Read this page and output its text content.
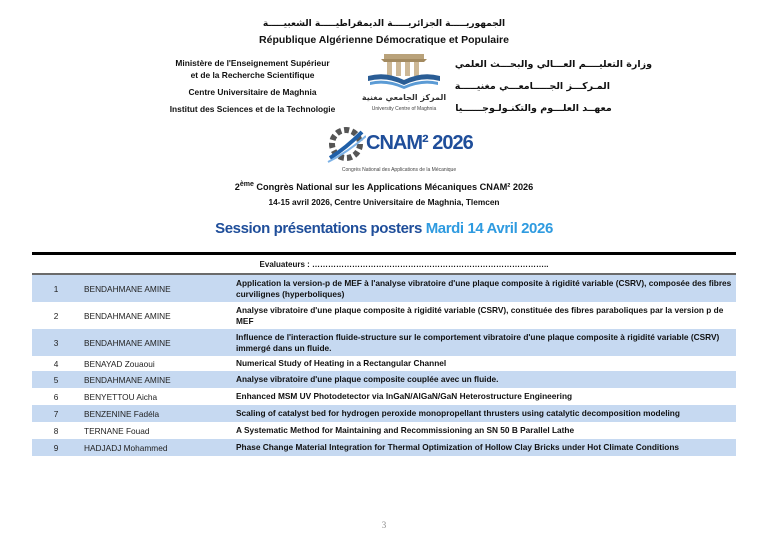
الجمهوريـــــة الجزائريـــــة الديمقراطيـــــة الشعبيـــــة
République Algérienne Démocratique et Populaire
Ministère de l'Enseignement Supérieur
et de la Recherche Scientifique
Centre Universitaire de Maghnia
Institut des Sciences et de la Technologie
وزارة التعليــــم العـــالي والبحـــث العلمي
المـركـــز الجـــــامعـــي مغنيـــــة
معهــد العلـــوم والتكنـولـوجــــــيا
المركز الجامعي مغنية
University Centre of Maghnia
CNAM² 2026
Congrès National des Applications de la Mécanique
2ème Congrès National sur les Applications Mécaniques CNAM² 2026
14-15 avril 2026, Centre Universitaire de Maghnia, Tlemcen
Session présentations posters Mardi 14 Avril 2026
Evaluateurs : ……………………………………………………………………………..
1	BENDAHMANE AMINE	Application la version-p de MEF à l'analyse vibratoire d'une plaque composite à rigidité variable (CSRV), composée des fibres curvilignes (hyperboliques)
2	BENDAHMANE AMINE	Analyse vibratoire d'une plaque composite à rigidité variable (CSRV), constituée des fibres paraboliques par la version p de MEF
3	BENDAHMANE AMINE	Influence de l'interaction fluide-structure sur le comportement vibratoire d'une plaque composite à rigidité variable (CSRV) immergé dans un fluide.
4	BENAYAD Zouaoui	Numerical Study of Heating in a Rectangular Channel
5	BENDAHMANE AMINE	Analyse vibratoire d'une plaque composite couplée avec un fluide.
6	BENYETTOU Aicha	Enhanced MSM UV Photodetector via InGaN/AlGaN/GaN Heterostructure Engineering
7	BENZENINE Fadéla	Scaling of catalyst bed for hydrogen peroxide monopropellant thrusters using catalytic decomposition modeling
8	TERNANE Fouad	A Systematic Method for Maintaining and Recommissioning an SN 50 B Parallel Lathe
9	HADJADJ Mohammed	Phase Change Material Integration for Thermal Optimization of Hollow Clay Bricks under Hot Climate Conditions
3
